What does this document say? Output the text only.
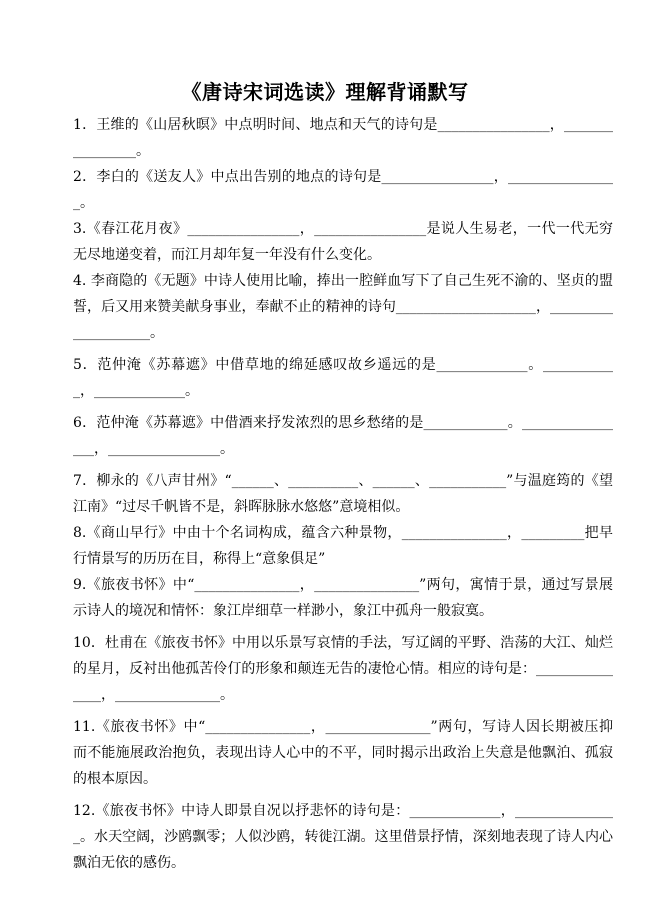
《唐诗宋词选读》理解背诵默写

1．王维的《山居秋暝》中点明时间、地点和天气的诗句是________________，________________。

2．李白的《送友人》中点出告别的地点的诗句是________________，________________。

3.《春江花月夜》________________，________________是说人生易老，一代一代无穷无尽地递变着，而江月却年复一年没有什么变化。

4. 李商隐的《无题》中诗人使用比喻，捧出一腔鲜血写下了自己生死不渝的、坚贞的盟誓，后又用来赞美献身事业，奉献不止的精神的诗句____________________，____________________。

5．范仲淹《苏幕遮》中借草地的绵延感叹故乡遥远的是_____________。___________，_____________。

6．范仲淹《苏幕遮》中借酒来抒发浓烈的思乡愁绪的是____________。________________，________________。

7．柳永的《八声甘州》“______、__________、______、___________”与温庭筠的《望江南》“过尽千帆皆不是，斜晖脉脉水悠悠”意境相似。

8.《商山早行》中由十个名词构成，蕴含六种景物，_______________，_________把早行情景写的历历在目，称得上“意象俱足”

9.《旅夜书怀》中“_______________，_______________”两句，寓情于景，通过写景展示诗人的境况和情怀：象江岸细草一样渺小，象江中孤舟一般寂寞。

10．杜甫在《旅夜书怀》中用以乐景写哀情的手法，写辽阔的平野、浩荡的大江、灿烂的星月，反衬出他孤苦伶仃的形象和颠连无告的凄怆心情。相应的诗句是：_______________，_______________。

11.《旅夜书怀》中“_______________，_______________”两句，写诗人因长期被压抑而不能施展政治抱负，表现出诗人心中的不平，同时揭示出政治上失意是他飘泊、孤寂的根本原因。

12.《旅夜书怀》中诗人即景自况以抒悲怀的诗句是：_____________，_______________。水天空阔，沙鸥飘零；人似沙鸥，转徙江湖。这里借景抒情，深刻地表现了诗人内心飘泊无依的感伤。
